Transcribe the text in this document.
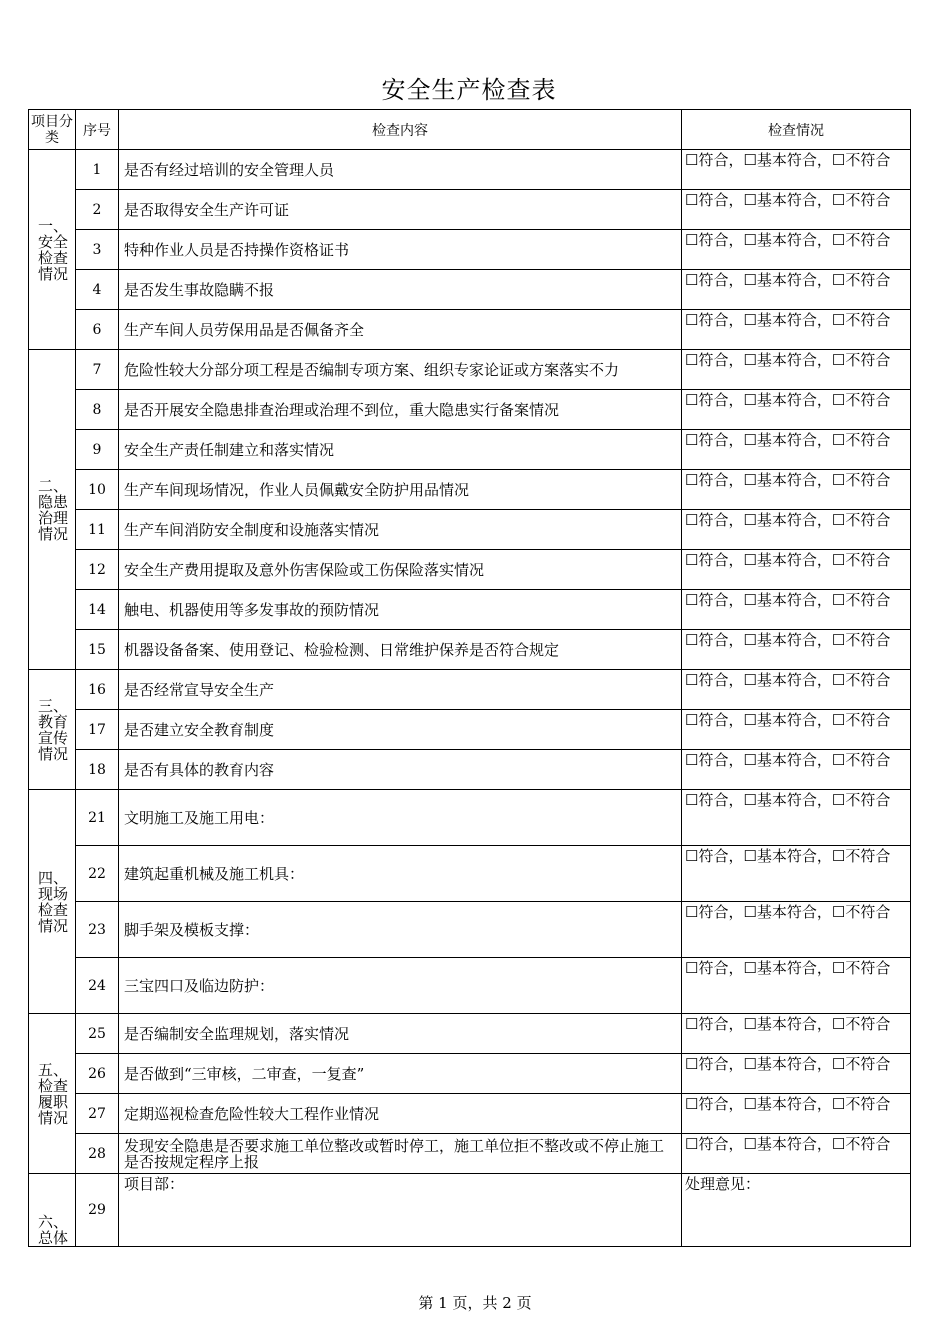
安全生产检查表
项目分类	序号	检查内容	检查情况

一、安全检查情况	1	是否有经过培训的安全管理人员	☐符合，☐基本符合，☐不符合
	2	是否取得安全生产许可证	☐符合，☐基本符合，☐不符合
	3	特种作业人员是否持操作资格证书	☐符合，☐基本符合，☐不符合
	4	是否发生事故隐瞒不报	☐符合，☐基本符合，☐不符合
	6	生产车间人员劳保用品是否佩备齐全	☐符合，☐基本符合，☐不符合

二、隐患治理情况	7	危险性较大分部分项工程是否编制专项方案、组织专家论证或方案落实不力	☐符合，☐基本符合，☐不符合
	8	是否开展安全隐患排查治理或治理不到位，重大隐患实行备案情况	☐符合，☐基本符合，☐不符合
	9	安全生产责任制建立和落实情况	☐符合，☐基本符合，☐不符合
	10	生产车间现场情况，作业人员佩戴安全防护用品情况	☐符合，☐基本符合，☐不符合
	11	生产车间消防安全制度和设施落实情况	☐符合，☐基本符合，☐不符合
	12	安全生产费用提取及意外伤害保险或工伤保险落实情况	☐符合，☐基本符合，☐不符合
	14	触电、机器使用等多发事故的预防情况	☐符合，☐基本符合，☐不符合
	15	机器设备备案、使用登记、检验检测、日常维护保养是否符合规定	☐符合，☐基本符合，☐不符合

三、教育宣传情况	16	是否经常宣导安全生产	☐符合，☐基本符合，☐不符合
	17	是否建立安全教育制度	☐符合，☐基本符合，☐不符合
	18	是否有具体的教育内容	☐符合，☐基本符合，☐不符合

四、现场检查情况	21	文明施工及施工用电：	☐符合，☐基本符合，☐不符合
	22	建筑起重机械及施工机具：	☐符合，☐基本符合，☐不符合
	23	脚手架及模板支撑：	☐符合，☐基本符合，☐不符合
	24	三宝四口及临边防护：	☐符合，☐基本符合，☐不符合

五、检查履职情况	25	是否编制安全监理规划，落实情况	☐符合，☐基本符合，☐不符合
	26	是否做到“三审核，二审查，一复查”	☐符合，☐基本符合，☐不符合
	27	定期巡视检查危险性较大工程作业情况	☐符合，☐基本符合，☐不符合
	28	发现安全隐患是否要求施工单位整改或暂时停工，施工单位拒不整改或不停止施工是否按规定程序上报	☐符合，☐基本符合，☐不符合

六、总体	29	项目部：	处理意见：
第 1 页，共 2 页
